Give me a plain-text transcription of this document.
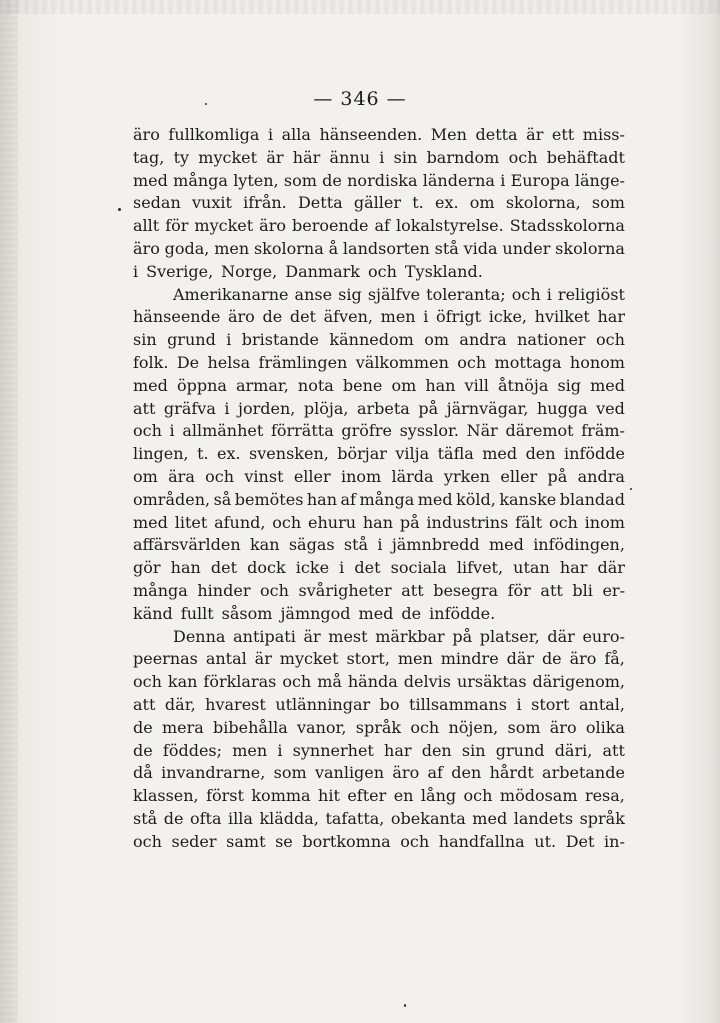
— 346 —
äro fullkomliga i alla hänseenden. Men detta är ett miss-
tag, ty mycket är här ännu i sin barndom och behäftadt
med många lyten, som de nordiska länderna i Europa länge-
sedan vuxit ifrån. Detta gäller t. ex. om skolorna, som
allt för mycket äro beroende af lokalstyrelse. Stadsskolorna
äro goda, men skolorna å landsorten stå vida under skolorna
i Sverige, Norge, Danmark och Tyskland.
Amerikanarne anse sig själfve toleranta; och i religiöst
hänseende äro de det äfven, men i öfrigt icke, hvilket har
sin grund i bristande kännedom om andra nationer och
folk. De helsa främlingen välkommen och mottaga honom
med öppna armar, nota bene om han vill åtnöja sig med
att gräfva i jorden, plöja, arbeta på järnvägar, hugga ved
och i allmänhet förrätta gröfre sysslor. När däremot främ-
lingen, t. ex. svensken, börjar vilja täfla med den infödde
om ära och vinst eller inom lärda yrken eller på andra
områden, så bemötes han af många med köld, kanske blandad
med litet afund, och ehuru han på industrins fält och inom
affärsvärlden kan sägas stå i jämnbredd med infödingen,
gör han det dock icke i det sociala lifvet, utan har där
många hinder och svårigheter att besegra för att bli er-
känd fullt såsom jämngod med de infödde.
Denna antipati är mest märkbar på platser, där euro-
peernas antal är mycket stort, men mindre där de äro få,
och kan förklaras och må hända delvis ursäktas därigenom,
att där, hvarest utlänningar bo tillsammans i stort antal,
de mera bibehålla vanor, språk och nöjen, som äro olika
de föddes; men i synnerhet har den sin grund däri, att
då invandrarne, som vanligen äro af den hårdt arbetande
klassen, först komma hit efter en lång och mödosam resa,
stå de ofta illa klädda, tafatta, obekanta med landets språk
och seder samt se bortkomna och handfallna ut. Det in-
